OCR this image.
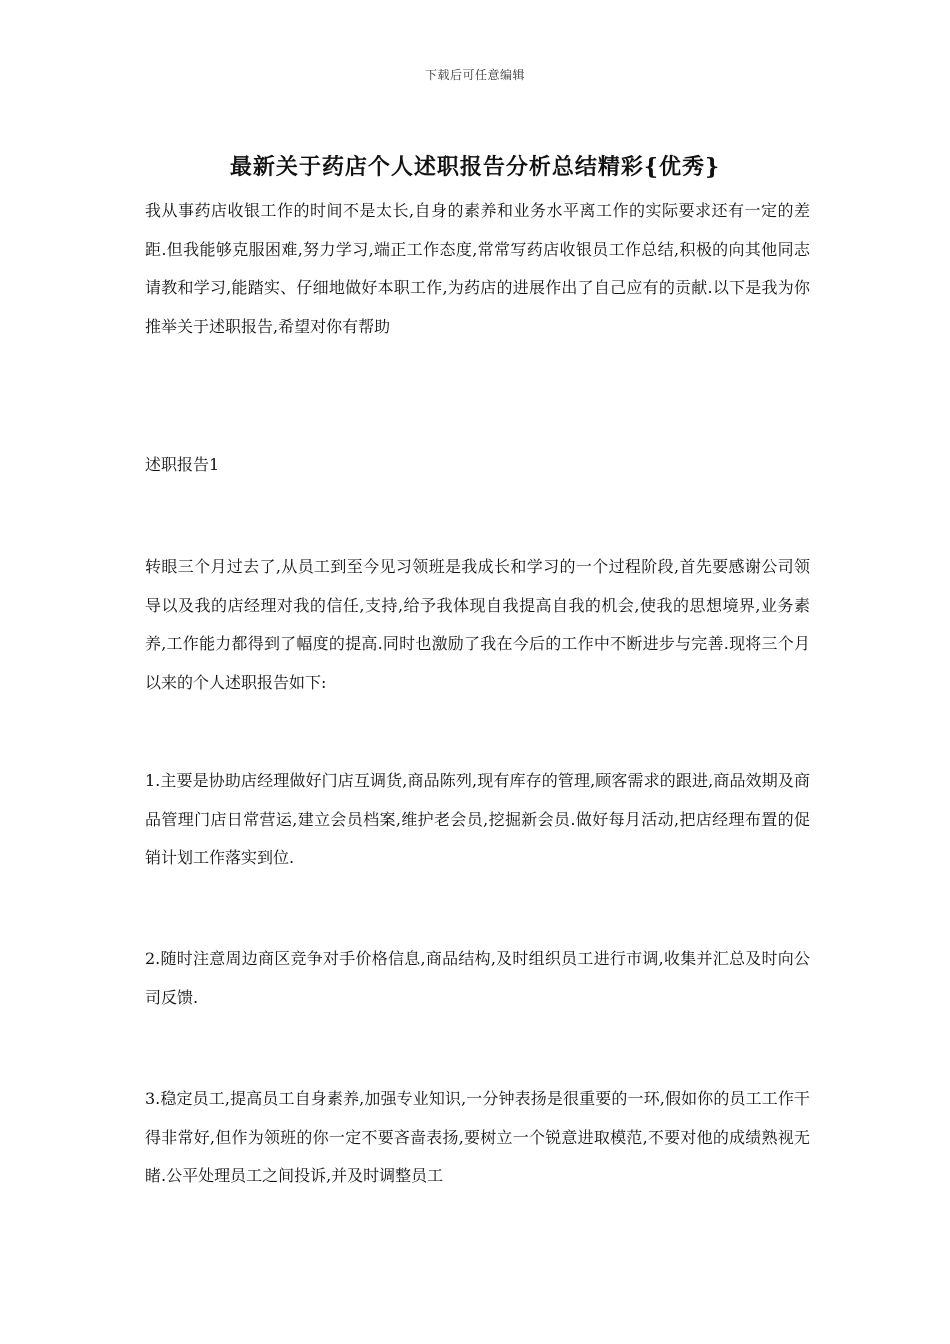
下载后可任意编辑
最新关于药店个人述职报告分析总结精彩{优秀}

我从事药店收银工作的时间不是太长,自身的素养和业务水平离工作的实际要求还有一定的差距.但我能够克服困难,努力学习,端正工作态度,常常写药店收银员工作总结,积极的向其他同志请教和学习,能踏实、仔细地做好本职工作,为药店的进展作出了自己应有的贡献.以下是我为你推举关于述职报告,希望对你有帮助

述职报告1

转眼三个月过去了,从员工到至今见习领班是我成长和学习的一个过程阶段,首先要感谢公司领导以及我的店经理对我的信任,支持,给予我体现自我提高自我的机会,使我的思想境界,业务素养,工作能力都得到了幅度的提高.同时也激励了我在今后的工作中不断进步与完善.现将三个月以来的个人述职报告如下:

1.主要是协助店经理做好门店互调货,商品陈列,现有库存的管理,顾客需求的跟进,商品效期及商品管理门店日常营运,建立会员档案,维护老会员,挖掘新会员.做好每月活动,把店经理布置的促销计划工作落实到位.

2.随时注意周边商区竞争对手价格信息,商品结构,及时组织员工进行市调,收集并汇总及时向公司反馈.

3.稳定员工,提高员工自身素养,加强专业知识,一分钟表扬是很重要的一环,假如你的员工工作干得非常好,但作为领班的你一定不要吝啬表扬,要树立一个锐意进取模范,不要对他的成绩熟视无睹.公平处理员工之间投诉,并及时调整员工
